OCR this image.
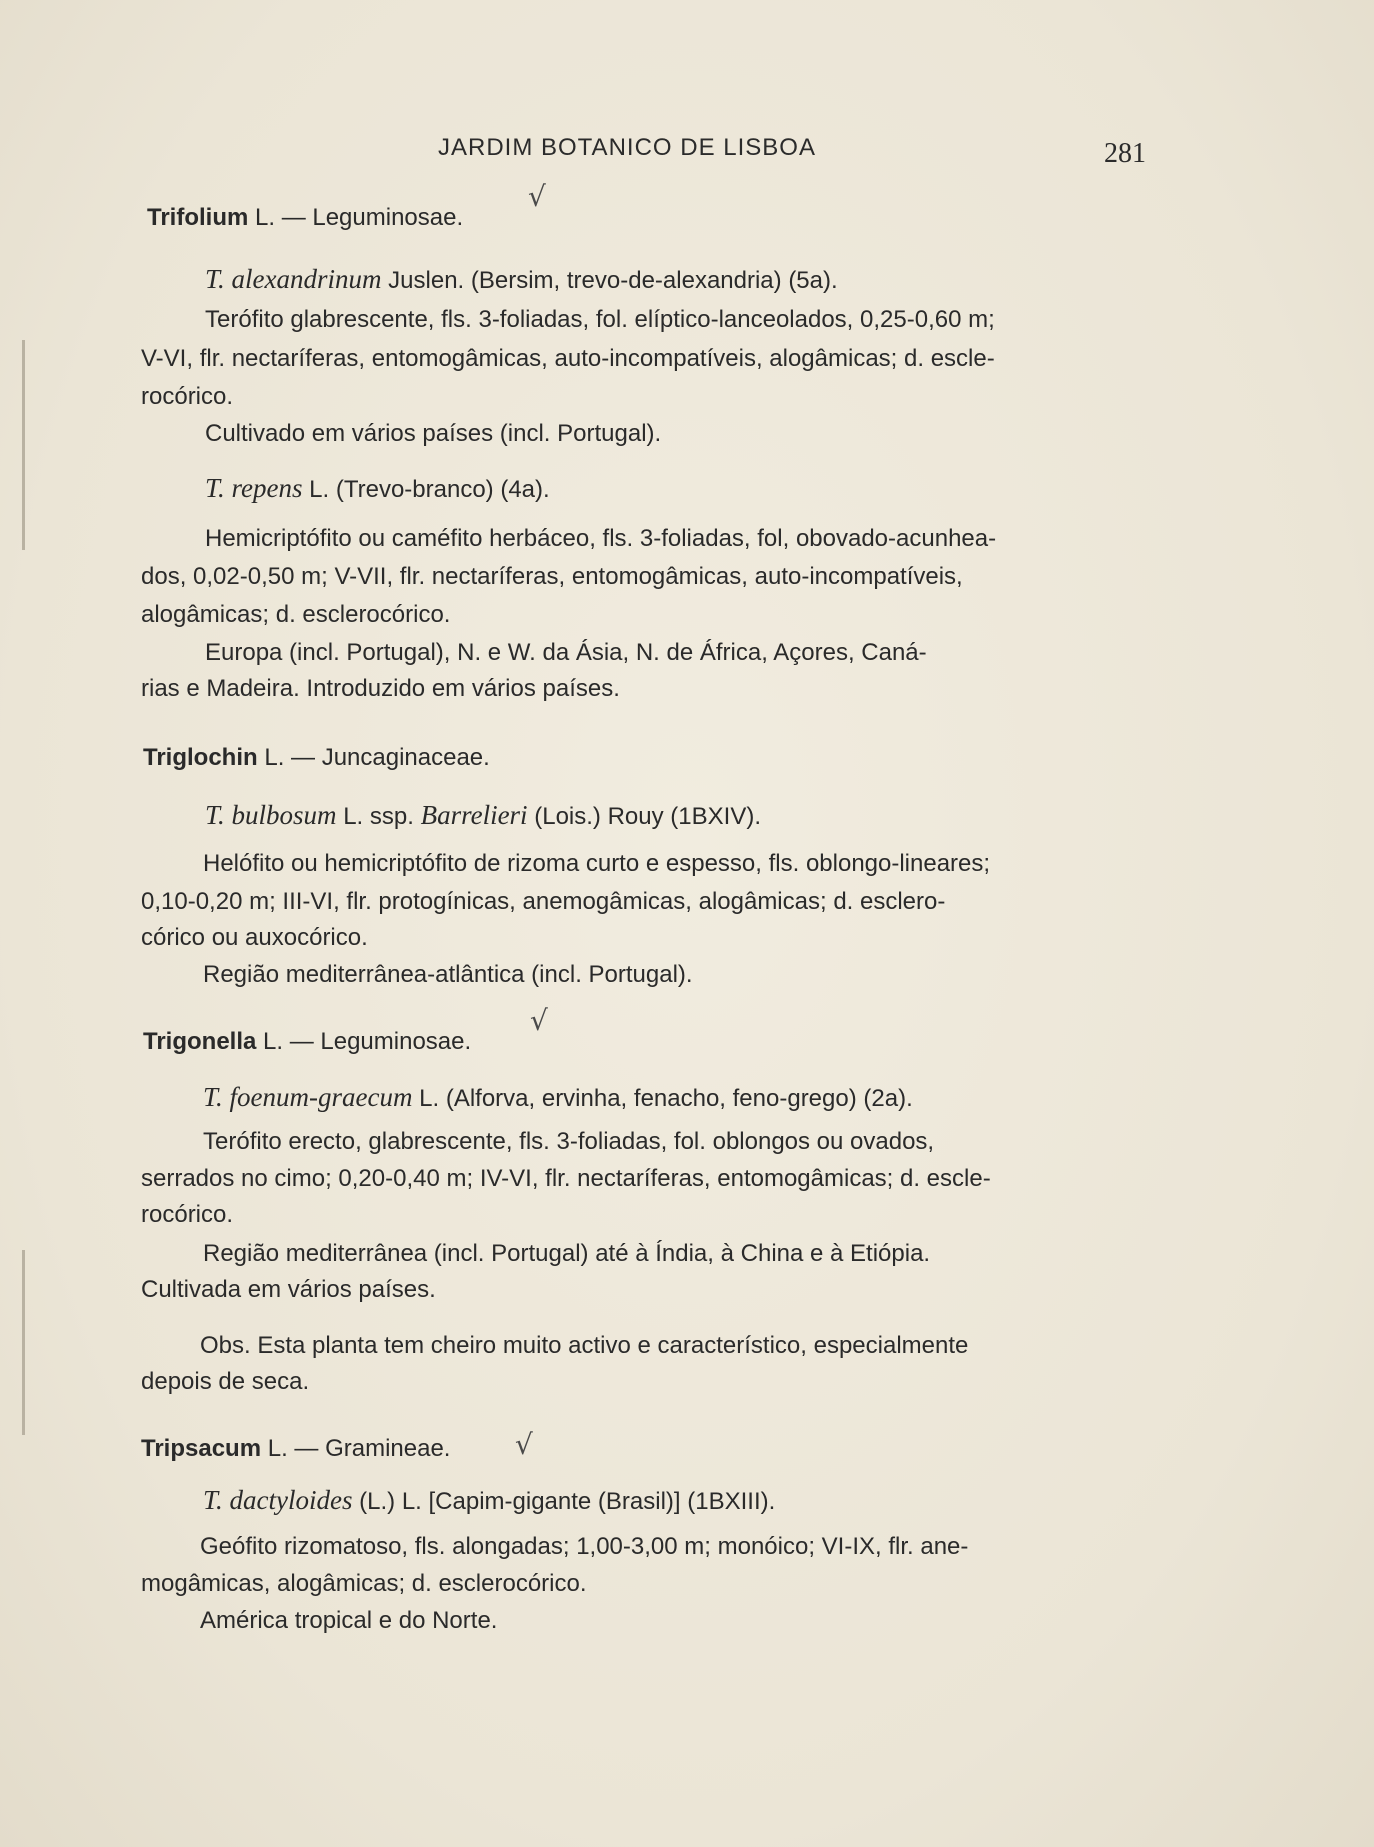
JARDIM BOTANICO DE LISBOA	281
Trifolium L. — Leguminosae.
√
T. alexandrinum Juslen. (Bersim, trevo-de-alexandria) (5a).
Terófito glabrescente, fls. 3-foliadas, fol. elíptico-lanceolados, 0,25-0,60 m;
V-VI, flr. nectaríferas, entomogâmicas, auto-incompatíveis, alogâmicas; d. escle-
rocórico.
Cultivado em vários países (incl. Portugal).
T. repens L. (Trevo-branco) (4a).
Hemicriptófito ou caméfito herbáceo, fls. 3-foliadas, fol, obovado-acunhea-
dos, 0,02-0,50 m; V-VII, flr. nectaríferas, entomogâmicas, auto-incompatíveis,
alogâmicas; d. esclerocórico.
Europa (incl. Portugal), N. e W. da Ásia, N. de África, Açores, Caná-
rias e Madeira. Introduzido em vários países.
Triglochin L. — Juncaginaceae.
T. bulbosum L. ssp. Barrelieri (Lois.) Rouy (1BXIV).
Helófito ou hemicriptófito de rizoma curto e espesso, fls. oblongo-lineares;
0,10-0,20 m; III-VI, flr. protogínicas, anemogâmicas, alogâmicas; d. esclero-
córico ou auxocórico.
Região mediterrânea-atlântica (incl. Portugal).
Trigonella L. — Leguminosae.
√
T. foenum-graecum L. (Alforva, ervinha, fenacho, feno-grego) (2a).
Terófito erecto, glabrescente, fls. 3-foliadas, fol. oblongos ou ovados,
serrados no cimo; 0,20-0,40 m; IV-VI, flr. nectaríferas, entomogâmicas; d. escle-
rocórico.
Região mediterrânea (incl. Portugal) até à Índia, à China e à Etiópia.
Cultivada em vários países.
Obs. Esta planta tem cheiro muito activo e característico, especialmente
depois de seca.
Tripsacum L. — Gramineae. √
T. dactyloides (L.) L. [Capim-gigante (Brasil)] (1BXIII).
Geófito rizomatoso, fls. alongadas; 1,00-3,00 m; monóico; VI-IX, flr. ane-
mogâmicas, alogâmicas; d. esclerocórico.
América tropical e do Norte.
